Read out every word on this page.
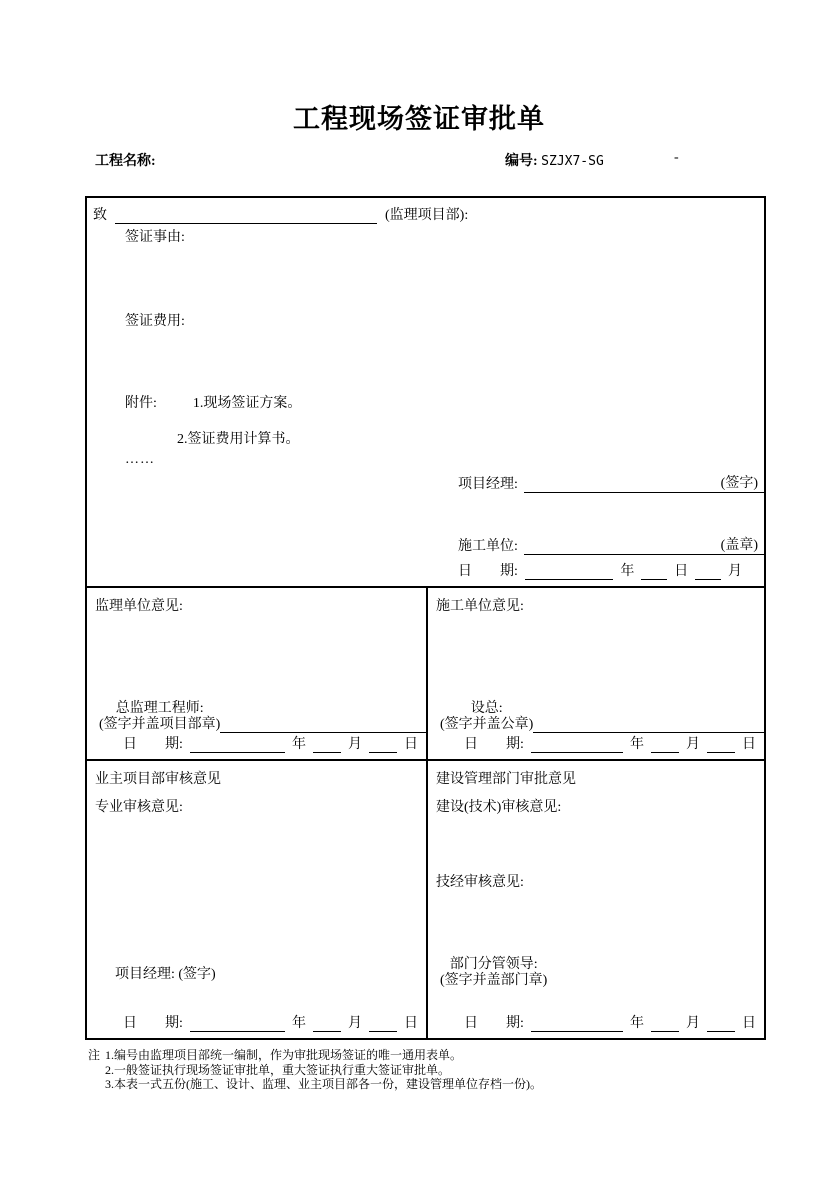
工程现场签证审批单
工程名称:	编号: SZJX7-SG	-
致	(监理项目部):
签证事由:
签证费用:
附件:	1.现场签证方案。
2.签证费用计算书。
……
项目经理:	(签字)
施工单位:	(盖章)
日　　期:	年	日	月
监理单位意见:
总监理工程师:
(签字并盖项目部章)
日　　期:	年	月	日
施工单位意见:
设总:
(签字并盖公章)
日　　期:	年	月	日
业主项目部审核意见
专业审核意见:
项目经理: (签字)
日　　期:	年	月	日
建设管理部门审批意见
建设(技术)审核意见:
技经审核意见:
部门分管领导:
(签字并盖部门章)
日　　期:	年	月	日
注 1.编号由监理项目部统一编制，作为审批现场签证的唯一通用表单。
2.一般签证执行现场签证审批单，重大签证执行重大签证审批单。
3.本表一式五份(施工、设计、监理、业主项目部各一份，建设管理单位存档一份)。
